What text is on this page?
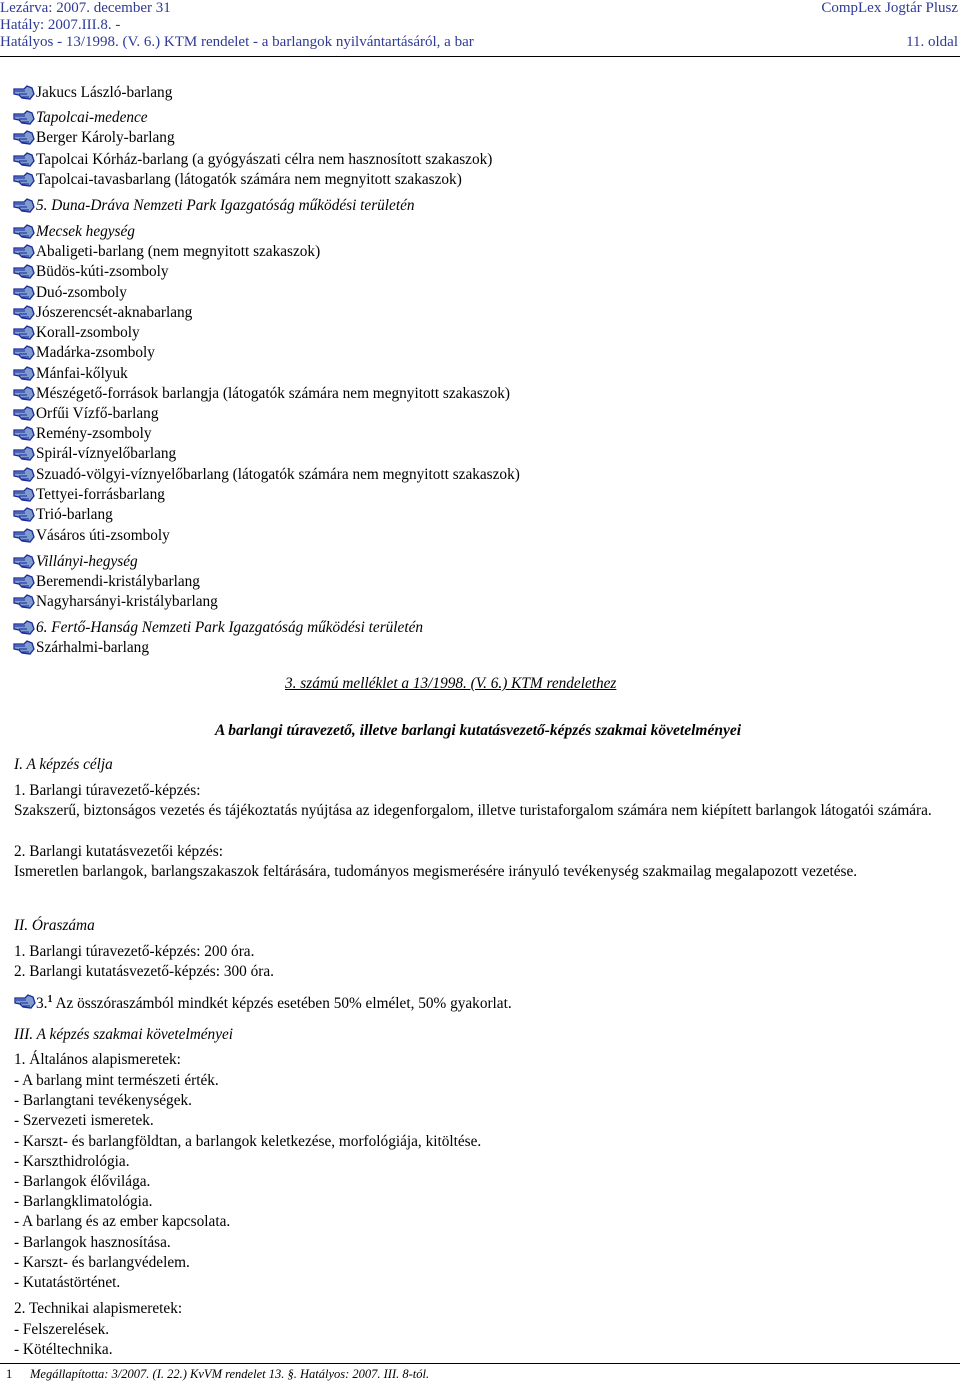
Lezárva: 2007. december 31
Hatály: 2007.III.8. -
Hatályos - 13/1998. (V. 6.) KTM rendelet - a barlangok nyilvántartásáról, a bar
CompLex Jogtár Plusz
11. oldal
Jakucs László-barlang
Tapolcai-medence
Berger Károly-barlang
Tapolcai Kórház-barlang (a gyógyászati célra nem hasznosított szakaszok)
Tapolcai-tavasbarlang (látogatók számára nem megnyitott szakaszok)
5. Duna-Dráva Nemzeti Park Igazgatóság működési területén
Mecsek hegység
Abaligeti-barlang (nem megnyitott szakaszok)
Büdös-kúti-zsomboly
Duó-zsomboly
Jószerencsét-aknabarlang
Korall-zsomboly
Madárka-zsomboly
Mánfai-kőlyuk
Mészégető-források barlangja (látogatók számára nem megnyitott szakaszok)
Orfűi Vízfő-barlang
Remény-zsomboly
Spirál-víznyelőbarlang
Szuadó-völgyi-víznyelőbarlang (látogatók számára nem megnyitott szakaszok)
Tettyei-forrásbarlang
Trió-barlang
Vásáros úti-zsomboly
Villányi-hegység
Beremendi-kristálybarlang
Nagyharsányi-kristálybarlang
6. Fertő-Hanság Nemzeti Park Igazgatóság működési területén
Szárhalmi-barlang
3. számú melléklet a 13/1998. (V. 6.) KTM rendelethez
A barlangi túravezető, illetve barlangi kutatásvezető-képzés szakmai követelményei
I. A képzés célja
1. Barlangi túravezető-képzés:
Szakszerű, biztonságos vezetés és tájékoztatás nyújtása az idegenforgalom, illetve turistaforgalom számára nem kiépített barlangok látogatói számára.
2. Barlangi kutatásvezetői képzés:
Ismeretlen barlangok, barlangszakaszok feltárására, tudományos megismerésére irányuló tevékenység szakmailag megalapozott vezetése.
II. Óraszáma
1. Barlangi túravezető-képzés: 200 óra.
2. Barlangi kutatásvezető-képzés: 300 óra.
3.$^1$ Az összóraszámból mindkét képzés esetében 50% elmélet, 50% gyakorlat.
III. A képzés szakmai követelményei
1. Általános alapismeretek:
- A barlang mint természeti érték.
- Barlangtani tevékenységek.
- Szervezeti ismeretek.
- Karszt- és barlangföldtan, a barlangok keletkezése, morfológiája, kitöltése.
- Karszthidrológia.
- Barlangok élővilága.
- Barlangklimatológia.
- A barlang és az ember kapcsolata.
- Barlangok hasznosítása.
- Karszt- és barlangvédelem.
- Kutatástörténet.
2. Technikai alapismeretek:
- Felszerelések.
- Kötéltechnika.
1 Megállapította: 3/2007. (I. 22.) KvVM rendelet 13. §. Hatályos: 2007. III. 8-tól.
